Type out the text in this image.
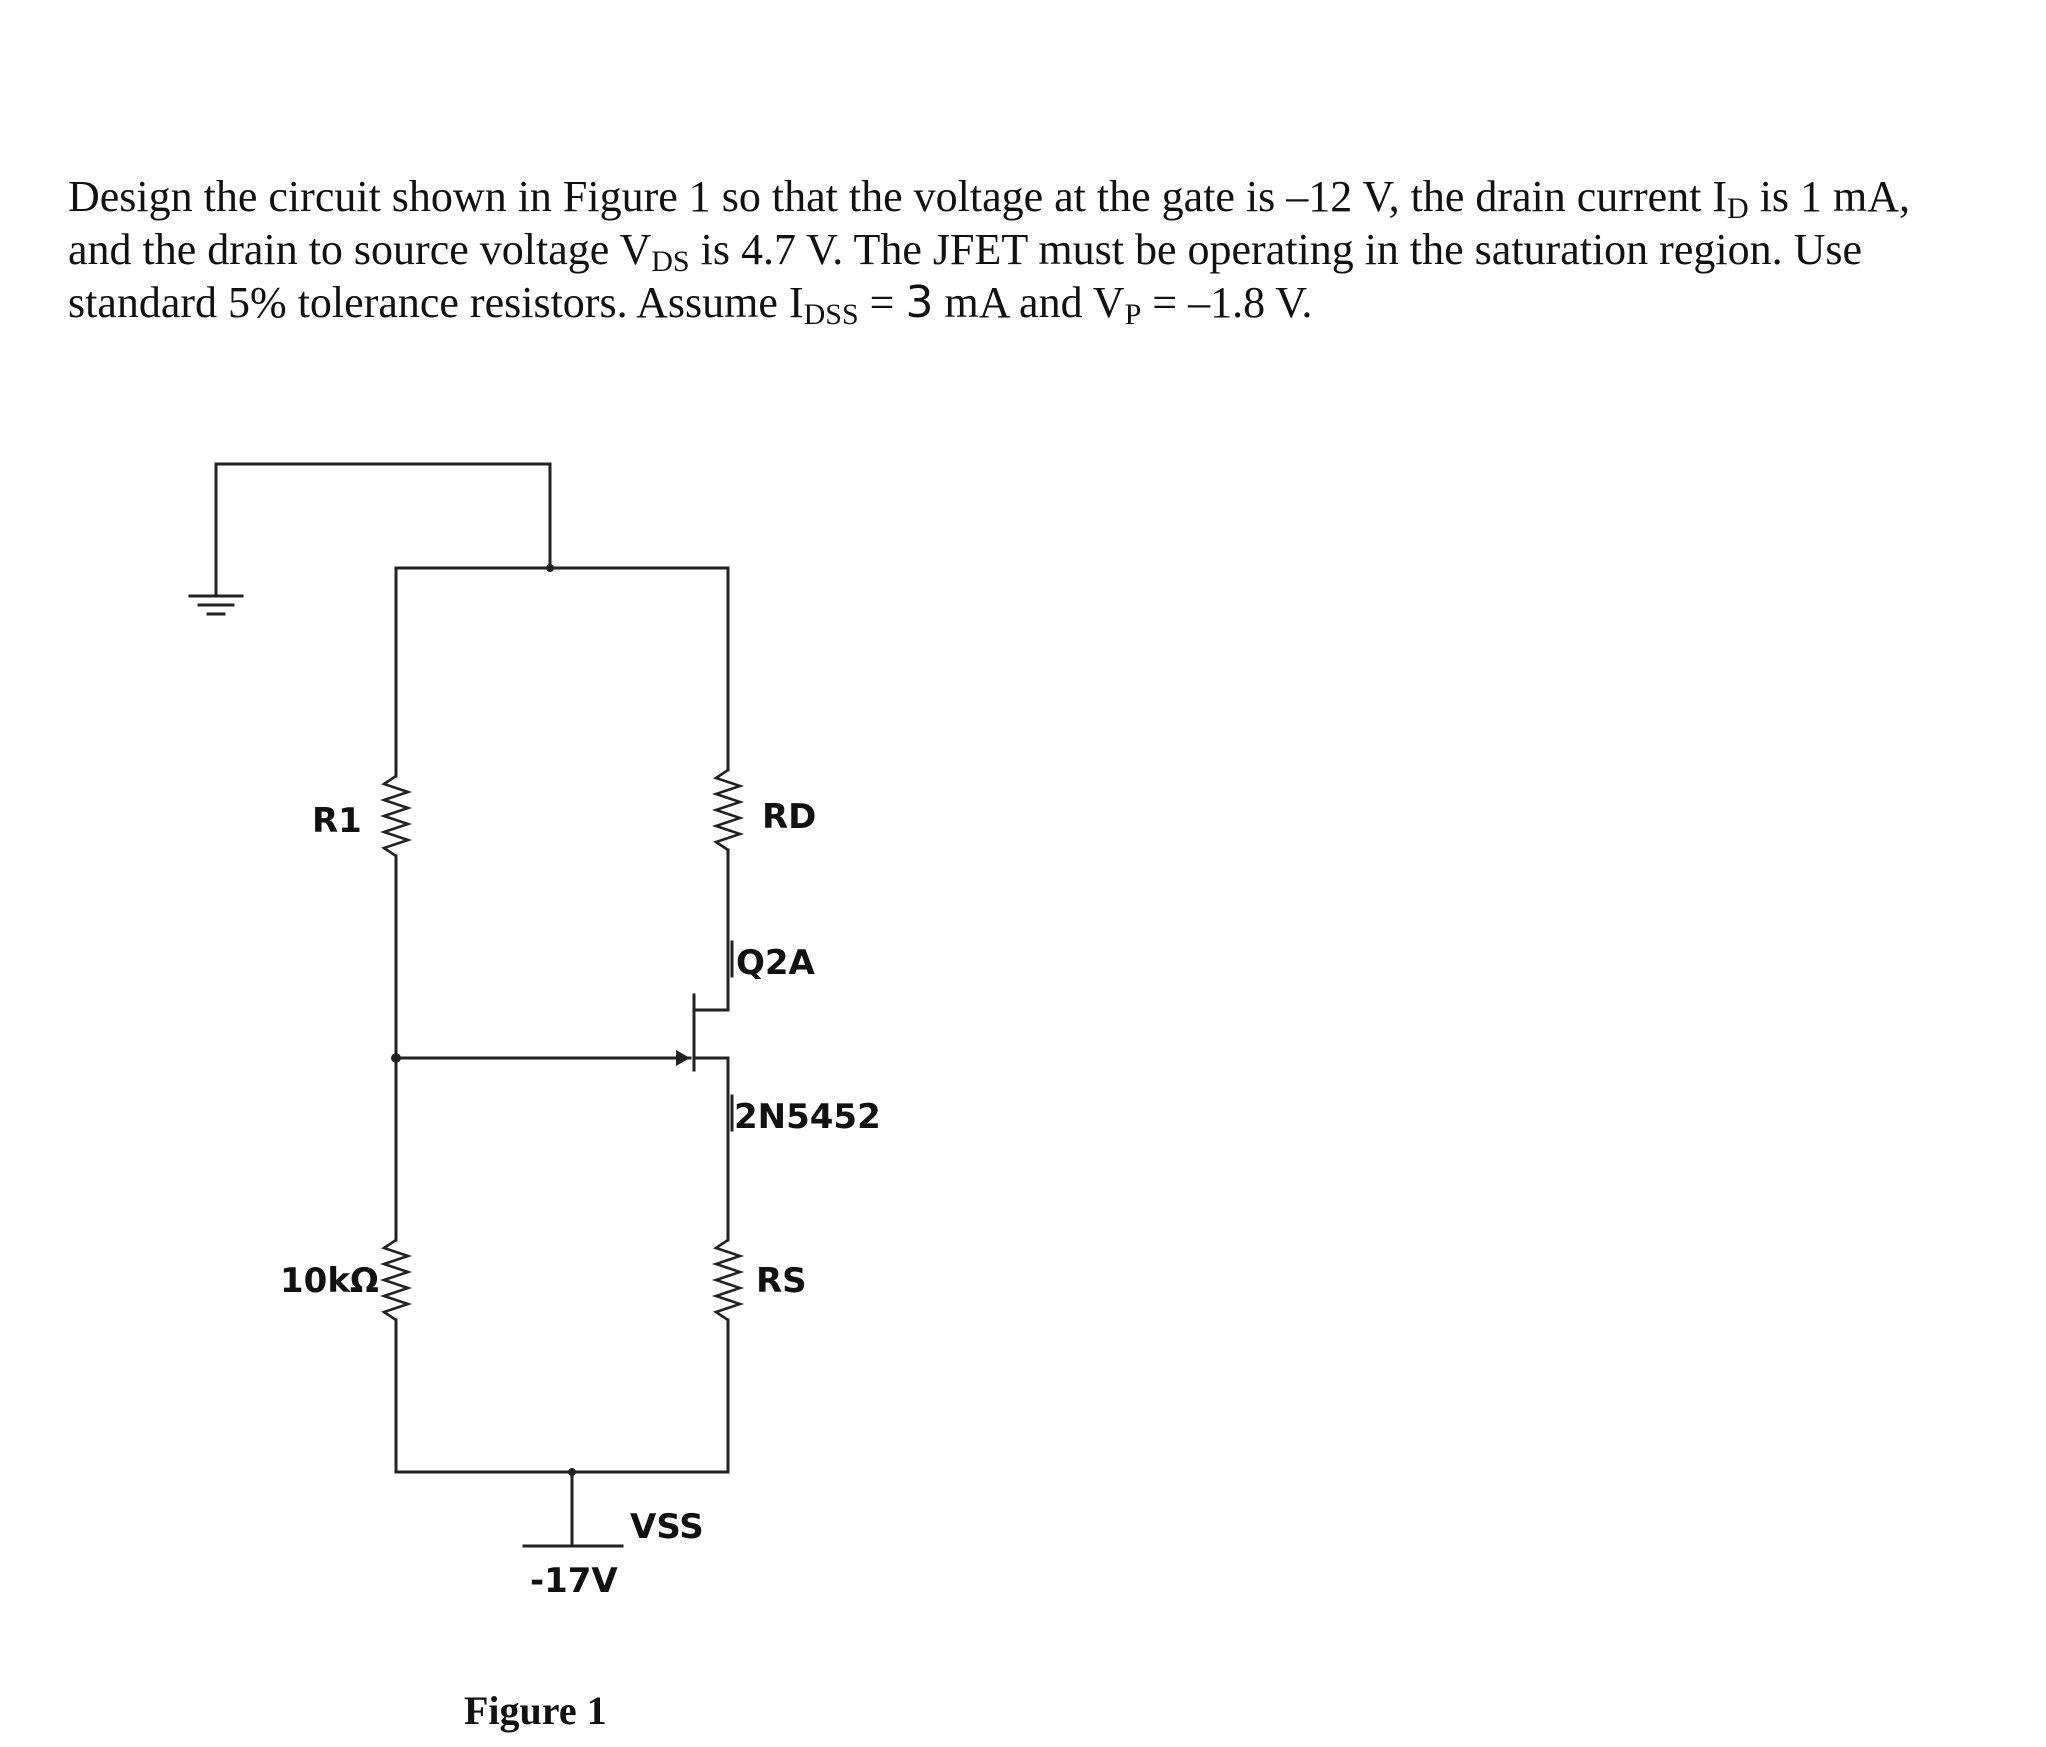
Design the circuit shown in Figure 1 so that the voltage at the gate is –12 V, the drain current $I_D$ is 1 mA,
and the drain to source voltage $V_{DS}$ is 4.7 V. The JFET must be operating in the saturation region. Use
standard 5% tolerance resistors. Assume $I_{DSS} = 3$ mA and $V_P = -1.8$ V.
R1
10kΩ
RD
Q2A
2N5452
RS
VSS
-17V
Figure 1
